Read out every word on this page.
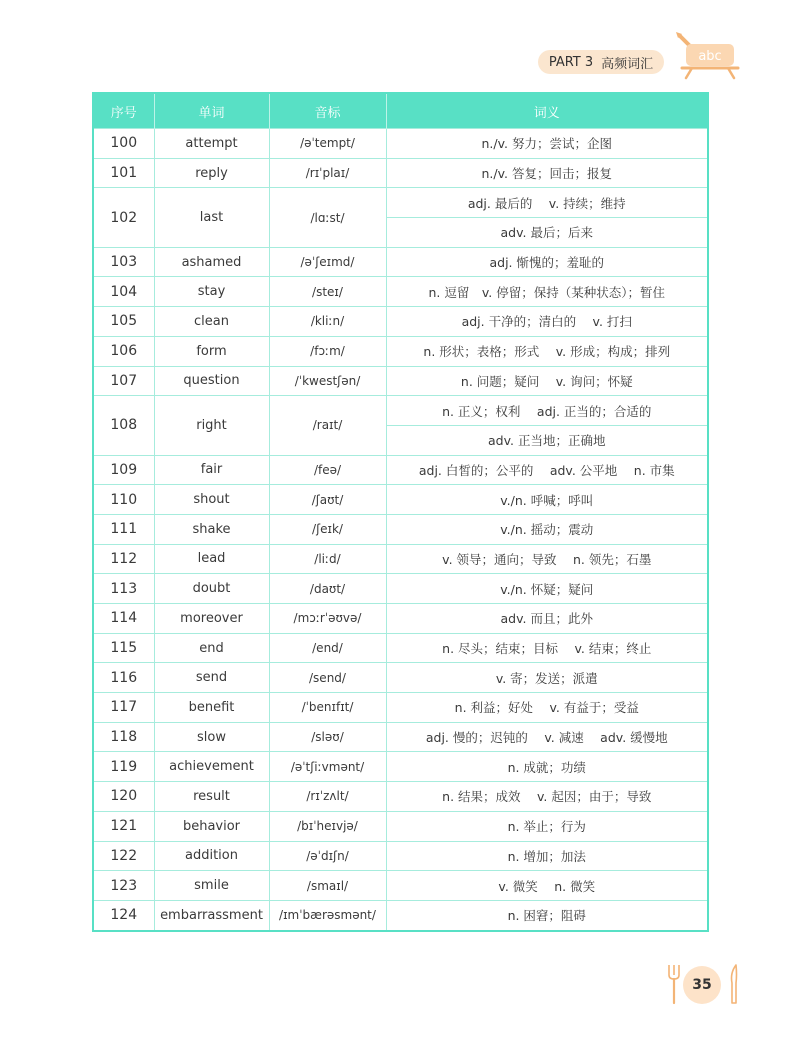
PART 3 高频词汇	abc
序号	单词	音标	词义
100	attempt	/əˈtempt/	n./v. 努力；尝试；企图
101	reply	/rɪˈplaɪ/	n./v. 答复；回击；报复
102	last	/lɑːst/	adj. 最后的　 v. 持续；维持
			adv. 最后；后来
103	ashamed	/əˈʃeɪmd/	adj. 惭愧的；羞耻的
104	stay	/steɪ/	n. 逗留　v. 停留；保持（某种状态）；暂住
105	clean	/kliːn/	adj. 干净的；清白的　 v. 打扫
106	form	/fɔːm/	n. 形状；表格；形式　 v. 形成；构成；排列
107	question	/ˈkwestʃən/	n. 问题；疑问　 v. 询问；怀疑
108	right	/raɪt/	n. 正义；权利　 adj. 正当的；合适的
			adv. 正当地；正确地
109	fair	/feə/	adj. 白皙的；公平的　 adv. 公平地　 n. 市集
110	shout	/ʃaʊt/	v./n. 呼喊；呼叫
111	shake	/ʃeɪk/	v./n. 摇动；震动
112	lead	/liːd/	v. 领导；通向；导致　 n. 领先；石墨
113	doubt	/daʊt/	v./n. 怀疑；疑问
114	moreover	/mɔːrˈəʊvə/	adv. 而且；此外
115	end	/end/	n. 尽头；结束；目标　 v. 结束；终止
116	send	/send/	v. 寄；发送；派遣
117	benefit	/ˈbenɪfɪt/	n. 利益；好处　 v. 有益于；受益
118	slow	/sləʊ/	adj. 慢的；迟钝的　 v. 减速　 adv. 缓慢地
119	achievement	/əˈtʃiːvmənt/	n. 成就；功绩
120	result	/rɪˈzʌlt/	n. 结果；成效　 v. 起因；由于；导致
121	behavior	/bɪˈheɪvjə/	n. 举止；行为
122	addition	/əˈdɪʃn/	n. 增加；加法
123	smile	/smaɪl/	v. 微笑　 n. 微笑
124	embarrassment	/ɪmˈbærəsmənt/	n. 困窘；阻碍
35
